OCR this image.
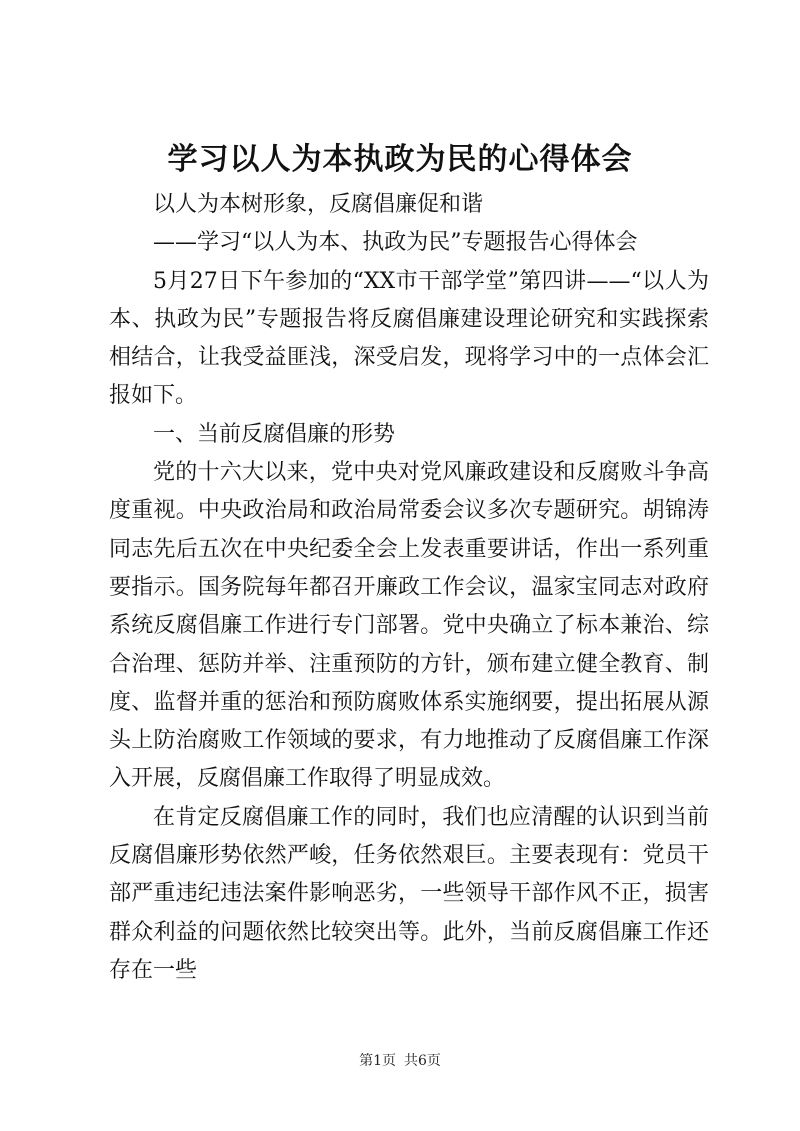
学习以人为本执政为民的心得体会

以人为本树形象，反腐倡廉促和谐

——学习“以人为本、执政为民”专题报告心得体会

5月27日下午参加的“XX市干部学堂”第四讲——“以人为本、执政为民”专题报告将反腐倡廉建设理论研究和实践探索相结合，让我受益匪浅，深受启发，现将学习中的一点体会汇报如下。

一、当前反腐倡廉的形势

党的十六大以来，党中央对党风廉政建设和反腐败斗争高度重视。中央政治局和政治局常委会议多次专题研究。胡锦涛同志先后五次在中央纪委全会上发表重要讲话，作出一系列重要指示。国务院每年都召开廉政工作会议，温家宝同志对政府系统反腐倡廉工作进行专门部署。党中央确立了标本兼治、综合治理、惩防并举、注重预防的方针，颁布建立健全教育、制度、监督并重的惩治和预防腐败体系实施纲要，提出拓展从源头上防治腐败工作领域的要求，有力地推动了反腐倡廉工作深入开展，反腐倡廉工作取得了明显成效。

在肯定反腐倡廉工作的同时，我们也应清醒的认识到当前反腐倡廉形势依然严峻，任务依然艰巨。主要表现有：党员干部严重违纪违法案件影响恶劣，一些领导干部作风不正，损害群众利益的问题依然比较突出等。此外，当前反腐倡廉工作还存在一些

第1页 共6页
